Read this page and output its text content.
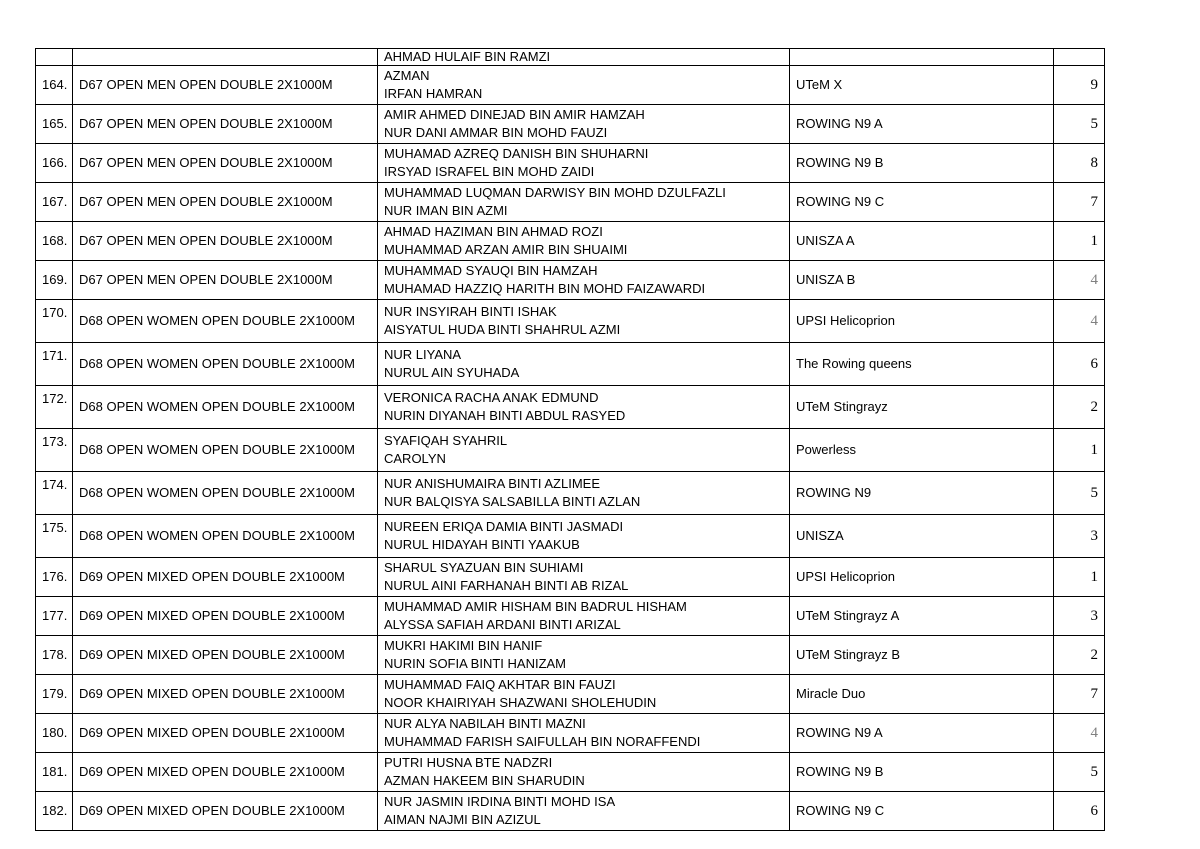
		AHMAD HULAIF BIN RAMZI		
164.	D67 OPEN MEN OPEN DOUBLE 2X1000M	AZMAN
IRFAN HAMRAN	UTeM X	9
165.	D67 OPEN MEN OPEN DOUBLE 2X1000M	AMIR AHMED DINEJAD BIN AMIR HAMZAH
NUR DANI AMMAR BIN MOHD FAUZI	ROWING N9 A	5
166.	D67 OPEN MEN OPEN DOUBLE 2X1000M	MUHAMAD AZREQ DANISH BIN SHUHARNI
IRSYAD ISRAFEL BIN MOHD ZAIDI	ROWING N9 B	8
167.	D67 OPEN MEN OPEN DOUBLE 2X1000M	MUHAMMAD LUQMAN DARWISY BIN MOHD DZULFAZLI
NUR IMAN BIN AZMI	ROWING N9 C	7
168.	D67 OPEN MEN OPEN DOUBLE 2X1000M	AHMAD HAZIMAN BIN AHMAD ROZI
MUHAMMAD ARZAN AMIR BIN SHUAIMI	UNISZA A	1
169.	D67 OPEN MEN OPEN DOUBLE 2X1000M	MUHAMMAD SYAUQI BIN HAMZAH
MUHAMAD HAZZIQ HARITH BIN MOHD FAIZAWARDI	UNISZA B	4
170.	D68 OPEN WOMEN OPEN DOUBLE 2X1000M	NUR INSYIRAH BINTI ISHAK
AISYATUL HUDA BINTI SHAHRUL AZMI	UPSI Helicoprion	4
171.	D68 OPEN WOMEN OPEN DOUBLE 2X1000M	NUR LIYANA
NURUL AIN SYUHADA	The Rowing queens	6
172.	D68 OPEN WOMEN OPEN DOUBLE 2X1000M	VERONICA RACHA ANAK EDMUND
NURIN DIYANAH BINTI ABDUL RASYED	UTeM Stingrayz	2
173.	D68 OPEN WOMEN OPEN DOUBLE 2X1000M	SYAFIQAH SYAHRIL
CAROLYN	Powerless	1
174.	D68 OPEN WOMEN OPEN DOUBLE 2X1000M	NUR ANISHUMAIRA BINTI AZLIMEE
NUR BALQISYA SALSABILLA BINTI AZLAN	ROWING N9	5
175.	D68 OPEN WOMEN OPEN DOUBLE 2X1000M	NUREEN ERIQA DAMIA BINTI JASMADI
NURUL HIDAYAH BINTI YAAKUB	UNISZA	3
176.	D69 OPEN MIXED OPEN DOUBLE 2X1000M	SHARUL SYAZUAN BIN SUHIAMI
NURUL AINI FARHANAH BINTI AB RIZAL	UPSI Helicoprion	1
177.	D69 OPEN MIXED OPEN DOUBLE 2X1000M	MUHAMMAD AMIR HISHAM BIN BADRUL HISHAM
ALYSSA SAFIAH ARDANI BINTI ARIZAL	UTeM Stingrayz A	3
178.	D69 OPEN MIXED OPEN DOUBLE 2X1000M	MUKRI HAKIMI BIN HANIF
NURIN SOFIA BINTI HANIZAM	UTeM Stingrayz B	2
179.	D69 OPEN MIXED OPEN DOUBLE 2X1000M	MUHAMMAD FAIQ AKHTAR BIN FAUZI
NOOR KHAIRIYAH SHAZWANI SHOLEHUDIN	Miracle Duo	7
180.	D69 OPEN MIXED OPEN DOUBLE 2X1000M	NUR ALYA NABILAH BINTI MAZNI
MUHAMMAD FARISH SAIFULLAH BIN NORAFFENDI	ROWING N9 A	4
181.	D69 OPEN MIXED OPEN DOUBLE 2X1000M	PUTRI HUSNA BTE NADZRI
AZMAN HAKEEM BIN SHARUDIN	ROWING N9 B	5
182.	D69 OPEN MIXED OPEN DOUBLE 2X1000M	NUR JASMIN IRDINA BINTI MOHD ISA
AIMAN NAJMI BIN AZIZUL	ROWING N9 C	6
